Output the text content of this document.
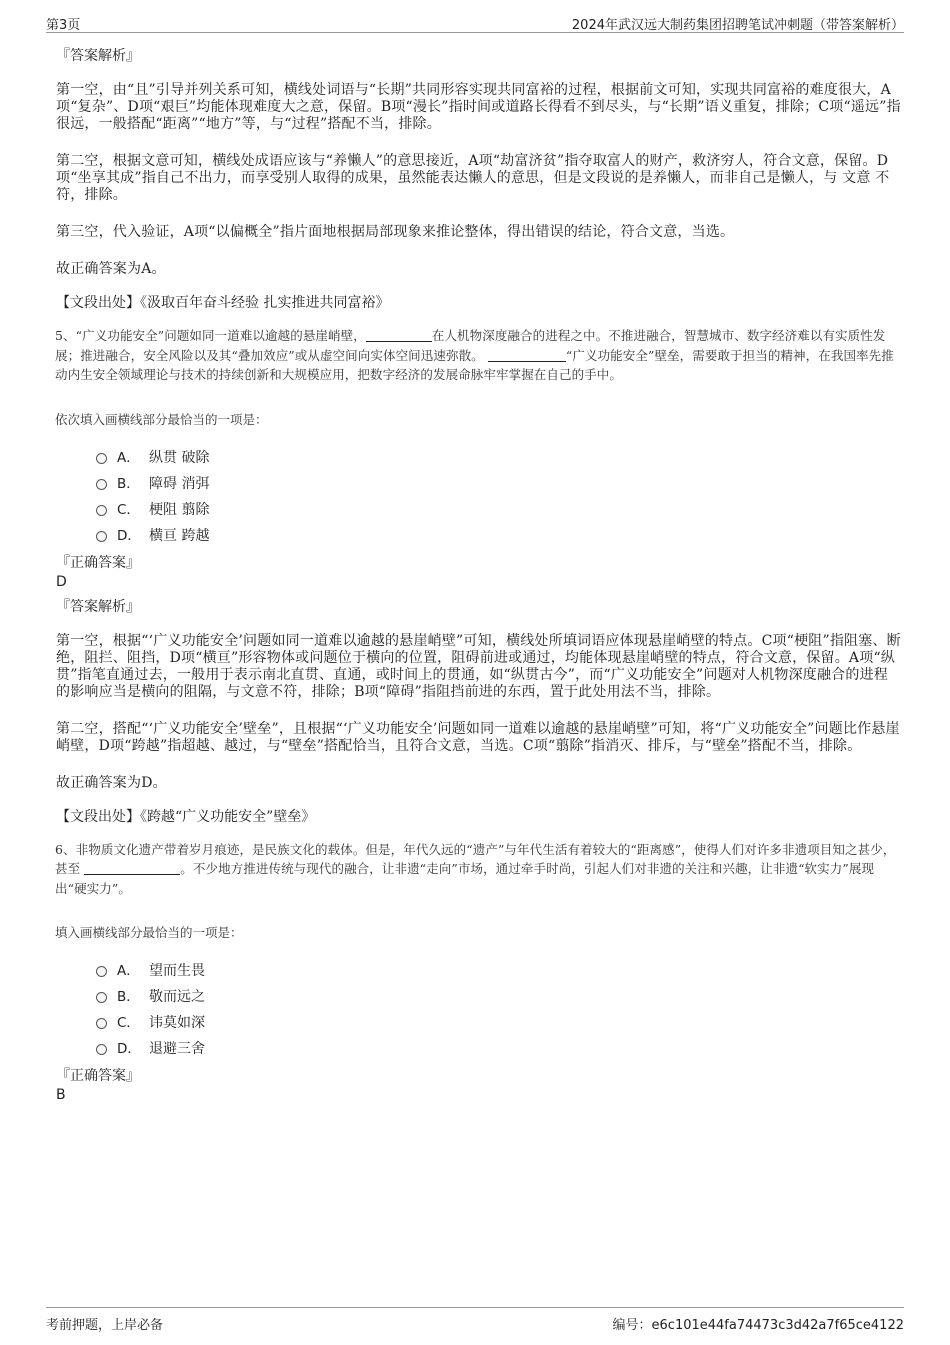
第3页	2024年武汉远大制药集团招聘笔试冲刺题（带答案解析）
『答案解析』

第一空，由“且”引导并列关系可知，横线处词语与“长期”共同形容实现共同富裕的过程，根据前文可知，实现共同富裕的难度很大，A项“复杂”、D项“艰巨”均能体现难度大之意，保留。B项“漫长”指时间或道路长得看不到尽头，与“长期”语义重复，排除；C项“遥远”指很远，一般搭配“距离”“地方”等，与“过程”搭配不当，排除。

第二空，根据文意可知，横线处成语应该与“养懒人”的意思接近，A项“劫富济贫”指夺取富人的财产，救济穷人，符合文意，保留。D项“坐享其成”指自己不出力，而享受别人取得的成果，虽然能表达懒人的意思，但是文段说的是养懒人，而非自己是懒人，与 文意 不符，排除。

第三空，代入验证，A项“以偏概全”指片面地根据局部现象来推论整体，得出错误的结论，符合文意，当选。

故正确答案为A。

【文段出处】《汲取百年奋斗经验 扎实推进共同富裕》

5、“广义功能安全”问题如同一道难以逾越的悬崖峭壁，	在人机物深度融合的进程之中。不推进融合，智慧城市、数字经济难以有实质性发展；推进融合，安全风险以及其“叠加效应”或从虚空间向实体空间迅速弥散。	“广义功能安全”壁垒，需要敢于担当的精神，在我国率先推动内生安全领域理论与技术的持续创新和大规模应用，把数字经济的发展命脉牢牢掌握在自己的手中。

依次填入画横线部分最恰当的一项是：

A． 纵贯 破除
B． 障碍 消弭
C． 梗阻 翦除
D． 横亘 跨越
『正确答案』

D

『答案解析』

第一空，根据“‘广义功能安全’问题如同一道难以逾越的悬崖峭壁”可知，横线处所填词语应体现悬崖峭壁的特点。C项“梗阻”指阻塞、断绝，阻拦、阻挡，D项“横亘”形容物体或问题位于横向的位置，阻碍前进或通过，均能体现悬崖峭壁的特点，符合文意，保留。A项“纵贯”指笔直通过去，一般用于表示南北直贯、直通，或时间上的贯通，如“纵贯古今”，而“广义功能安全”问题对人机物深度融合的进程的影响应当是横向的阻隔，与文意不符，排除；B项“障碍”指阻挡前进的东西，置于此处用法不当，排除。

第二空，搭配“‘广义功能安全’壁垒”，且根据“‘广义功能安全’问题如同一道难以逾越的悬崖峭壁”可知，将“广义功能安全”问题比作悬崖峭壁，D项“跨越”指超越、越过，与“壁垒”搭配恰当，且符合文意，当选。C项“翦除”指消灭、排斥，与“壁垒”搭配不当，排除。

故正确答案为D。

【文段出处】《跨越“广义功能安全”壁垒》

6、非物质文化遗产带着岁月痕迹，是民族文化的载体。但是，年代久远的“遗产”与年代生活有着较大的“距离感”，使得人们对许多非遗项目知之甚少，甚至	。不少地方推进传统与现代的融合，让非遗“走向”市场，通过牵手时尚，引起人们对非遗的关注和兴趣，让非遗“软实力”展现出“硬实力”。

填入画横线部分最恰当的一项是：

A． 望而生畏
B． 敬而远之
C． 讳莫如深
D． 退避三舍
『正确答案』

B

考前押题，上岸必备	编号：e6c101e44fa74473c3d42a7f65ce4122
